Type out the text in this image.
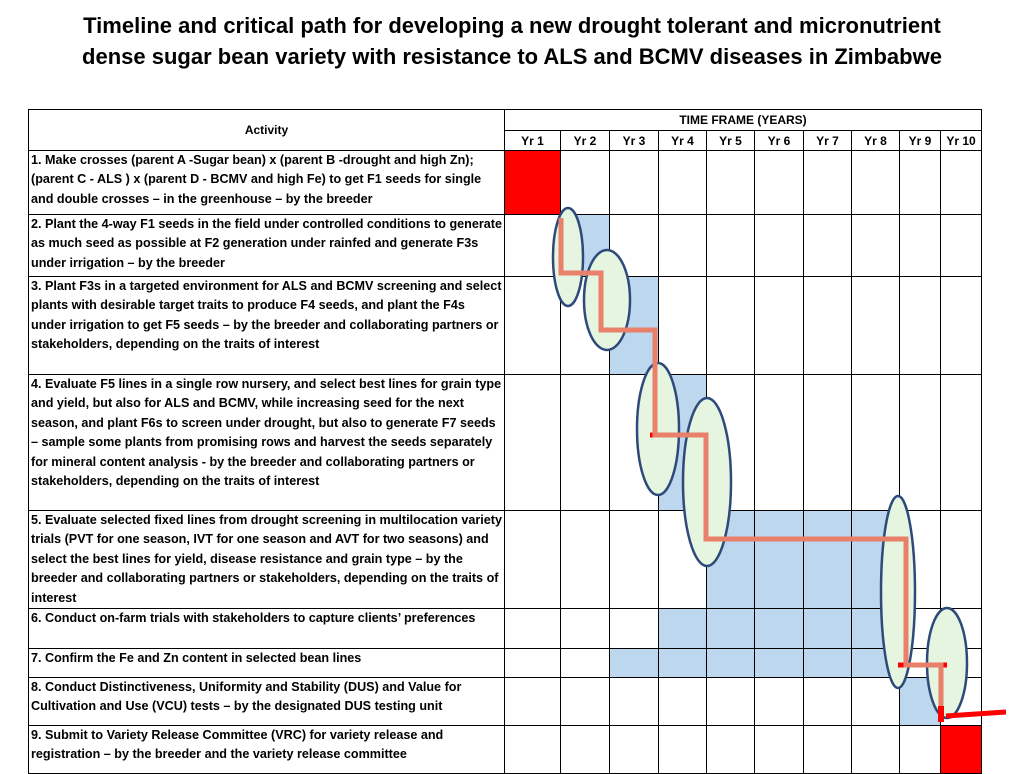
Timeline and critical path for developing a new drought tolerant and micronutrient
dense sugar bean variety with resistance to ALS and BCMV diseases in Zimbabwe
Activity	TIME FRAME (YEARS)									
	Yr 1	Yr 2	Yr 3	Yr 4	Yr 5	Yr 6	Yr 7	Yr 8	Yr 9	Yr 10
1. Make crosses (parent A -Sugar bean) x (parent B -drought and high Zn); (parent C - ALS ) x (parent D - BCMV and high Fe) to get F1 seeds for single and double crosses – in the greenhouse – by the breeder										
2. Plant the 4-way F1 seeds in the field under controlled conditions to generate as much seed as possible at F2 generation under rainfed and generate F3s under irrigation – by the breeder										
3. Plant F3s in a targeted environment for ALS and BCMV screening and select plants with desirable target traits to produce F4 seeds, and plant the F4s under irrigation to get F5 seeds – by the breeder and collaborating partners or stakeholders, depending on the traits of interest										
4. Evaluate F5 lines in a single row nursery, and select best lines for grain type and yield, but also for ALS and BCMV, while increasing seed for the next season, and plant F6s to screen under drought, but also to generate F7 seeds – sample some plants from promising rows and harvest the seeds separately for mineral content analysis - by the breeder and collaborating partners or stakeholders, depending on the traits of interest										
5. Evaluate selected fixed lines from drought screening in multilocation variety trials (PVT for one season, IVT for one season and AVT for two seasons) and select the best lines for yield, disease resistance and grain type – by the breeder and collaborating partners or stakeholders, depending on the traits of interest										
6. Conduct on-farm trials with stakeholders to capture clients’ preferences										
7. Confirm the Fe and Zn content in selected bean lines										
8. Conduct Distinctiveness, Uniformity and Stability (DUS) and Value for Cultivation and Use (VCU) tests – by the designated DUS testing unit										
9. Submit to Variety Release Committee (VRC) for variety release and registration – by the breeder and the variety release committee										
